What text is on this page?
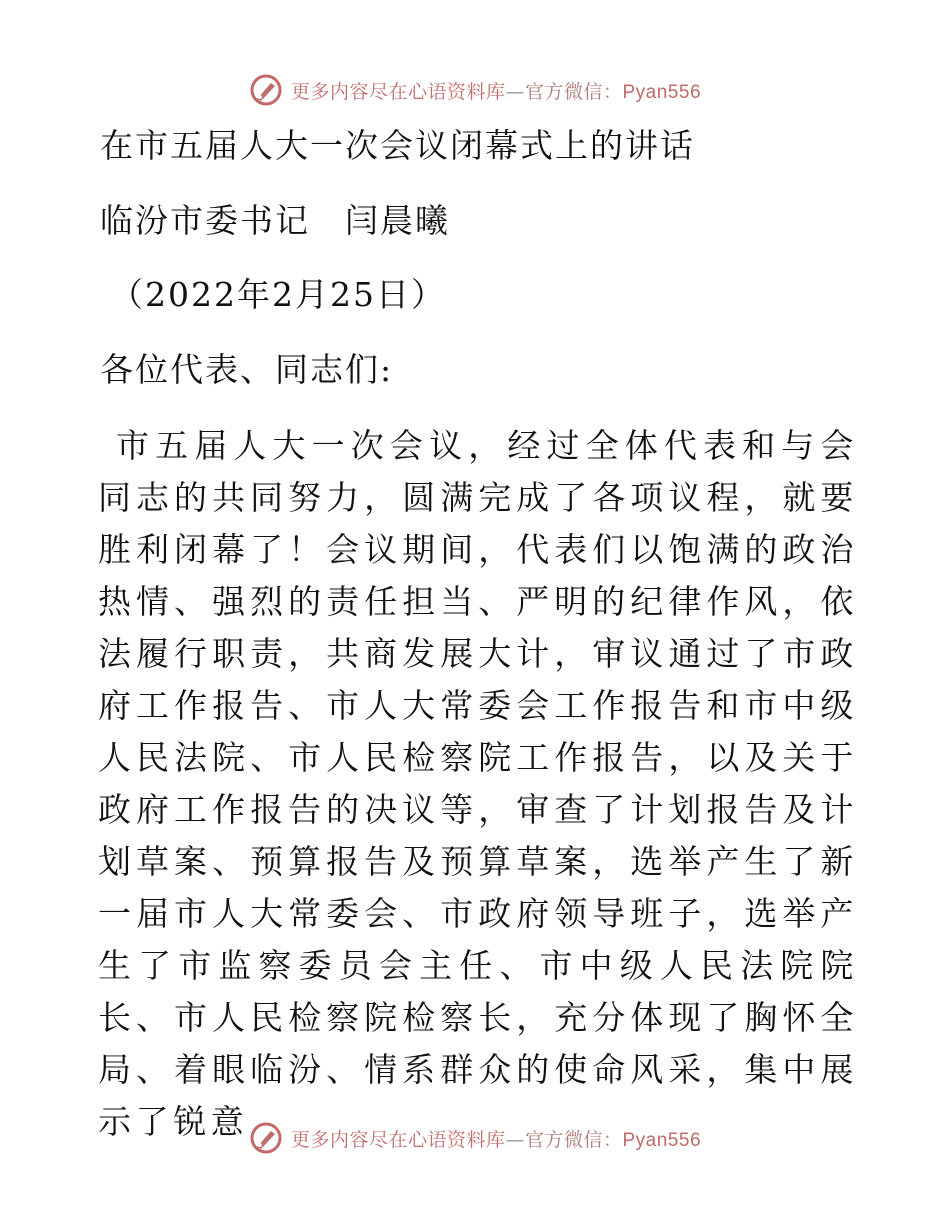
更多内容尽在心语资料库—官方微信：Pyan556
在市五届人大一次会议闭幕式上的讲话
临汾市委书记　闫晨曦
（2022年2月25日）
各位代表、同志们:
市五届人大一次会议，经过全体代表和与会同志的共同努力，圆满完成了各项议程，就要胜利闭幕了！会议期间，代表们以饱满的政治热情、强烈的责任担当、严明的纪律作风，依法履行职责，共商发展大计，审议通过了市政府工作报告、市人大常委会工作报告和市中级人民法院、市人民检察院工作报告，以及关于政府工作报告的决议等，审查了计划报告及计划草案、预算报告及预算草案，选举产生了新一届市人大常委会、市政府领导班子，选举产生了市监察委员会主任、市中级人民法院院长、市人民检察院检察长，充分体现了胸怀全局、着眼临汾、情系群众的使命风采，集中展示了锐意	更多内容尽在心语资料库—官方微信：Pyan556
